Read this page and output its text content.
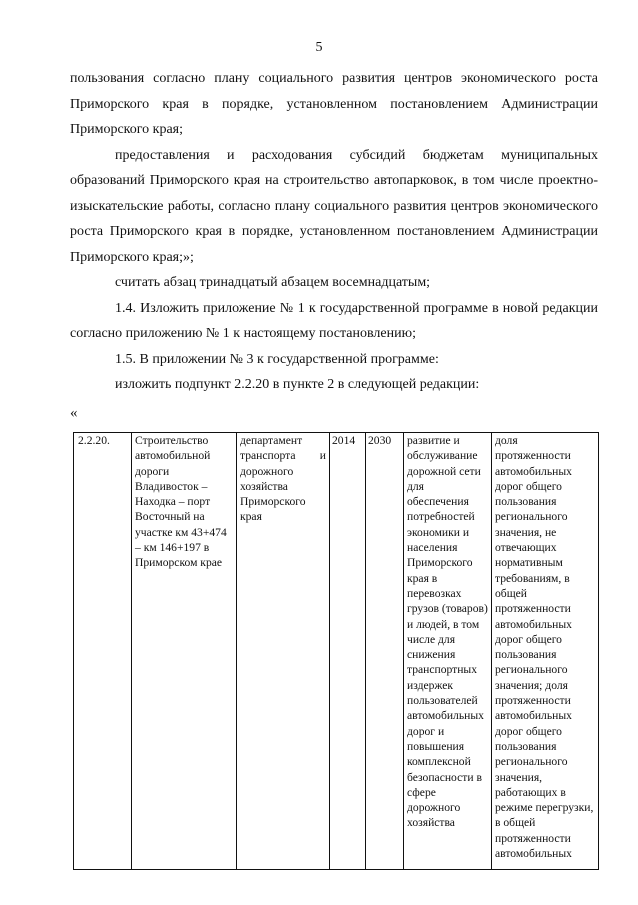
5

пользования согласно плану социального развития центров экономического роста Приморского края в порядке, установленном постановлением Администрации Приморского края;

предоставления и расходования субсидий бюджетам муниципальных образований Приморского края на строительство автопарковок, в том числе проектно-изыскательские работы, согласно плану социального развития центров экономического роста Приморского края в порядке, установленном постановлением Администрации Приморского края;»;

считать абзац тринадцатый абзацем восемнадцатым;

1.4. Изложить приложение № 1 к государственной программе в новой редакции согласно приложению № 1 к настоящему постановлению;

1.5. В приложении № 3 к государственной программе:

изложить подпункт 2.2.20 в пункте 2 в следующей редакции:

«
2.2.20.	Строительство автомобильной дороги Владивосток – Находка – порт Восточный на участке км 43+474 – км 146+197 в Приморском крае	департамент транспорта и дорожного хозяйства Приморского края	2014	2030	развитие и обслуживание дорожной сети для обеспечения потребностей экономики и населения Приморского края в перевозках грузов (товаров) и людей, в том числе для снижения транспортных издержек пользователей автомобильных дорог и повышения комплексной безопасности в сфере дорожного хозяйства	доля протяженности автомобильных дорог общего пользования регионального значения, не отвечающих нормативным требованиям, в общей протяженности автомобильных дорог общего пользования регионального значения; доля протяженности автомобильных дорог общего пользования регионального значения, работающих в режиме перегрузки, в общей протяженности автомобильных
